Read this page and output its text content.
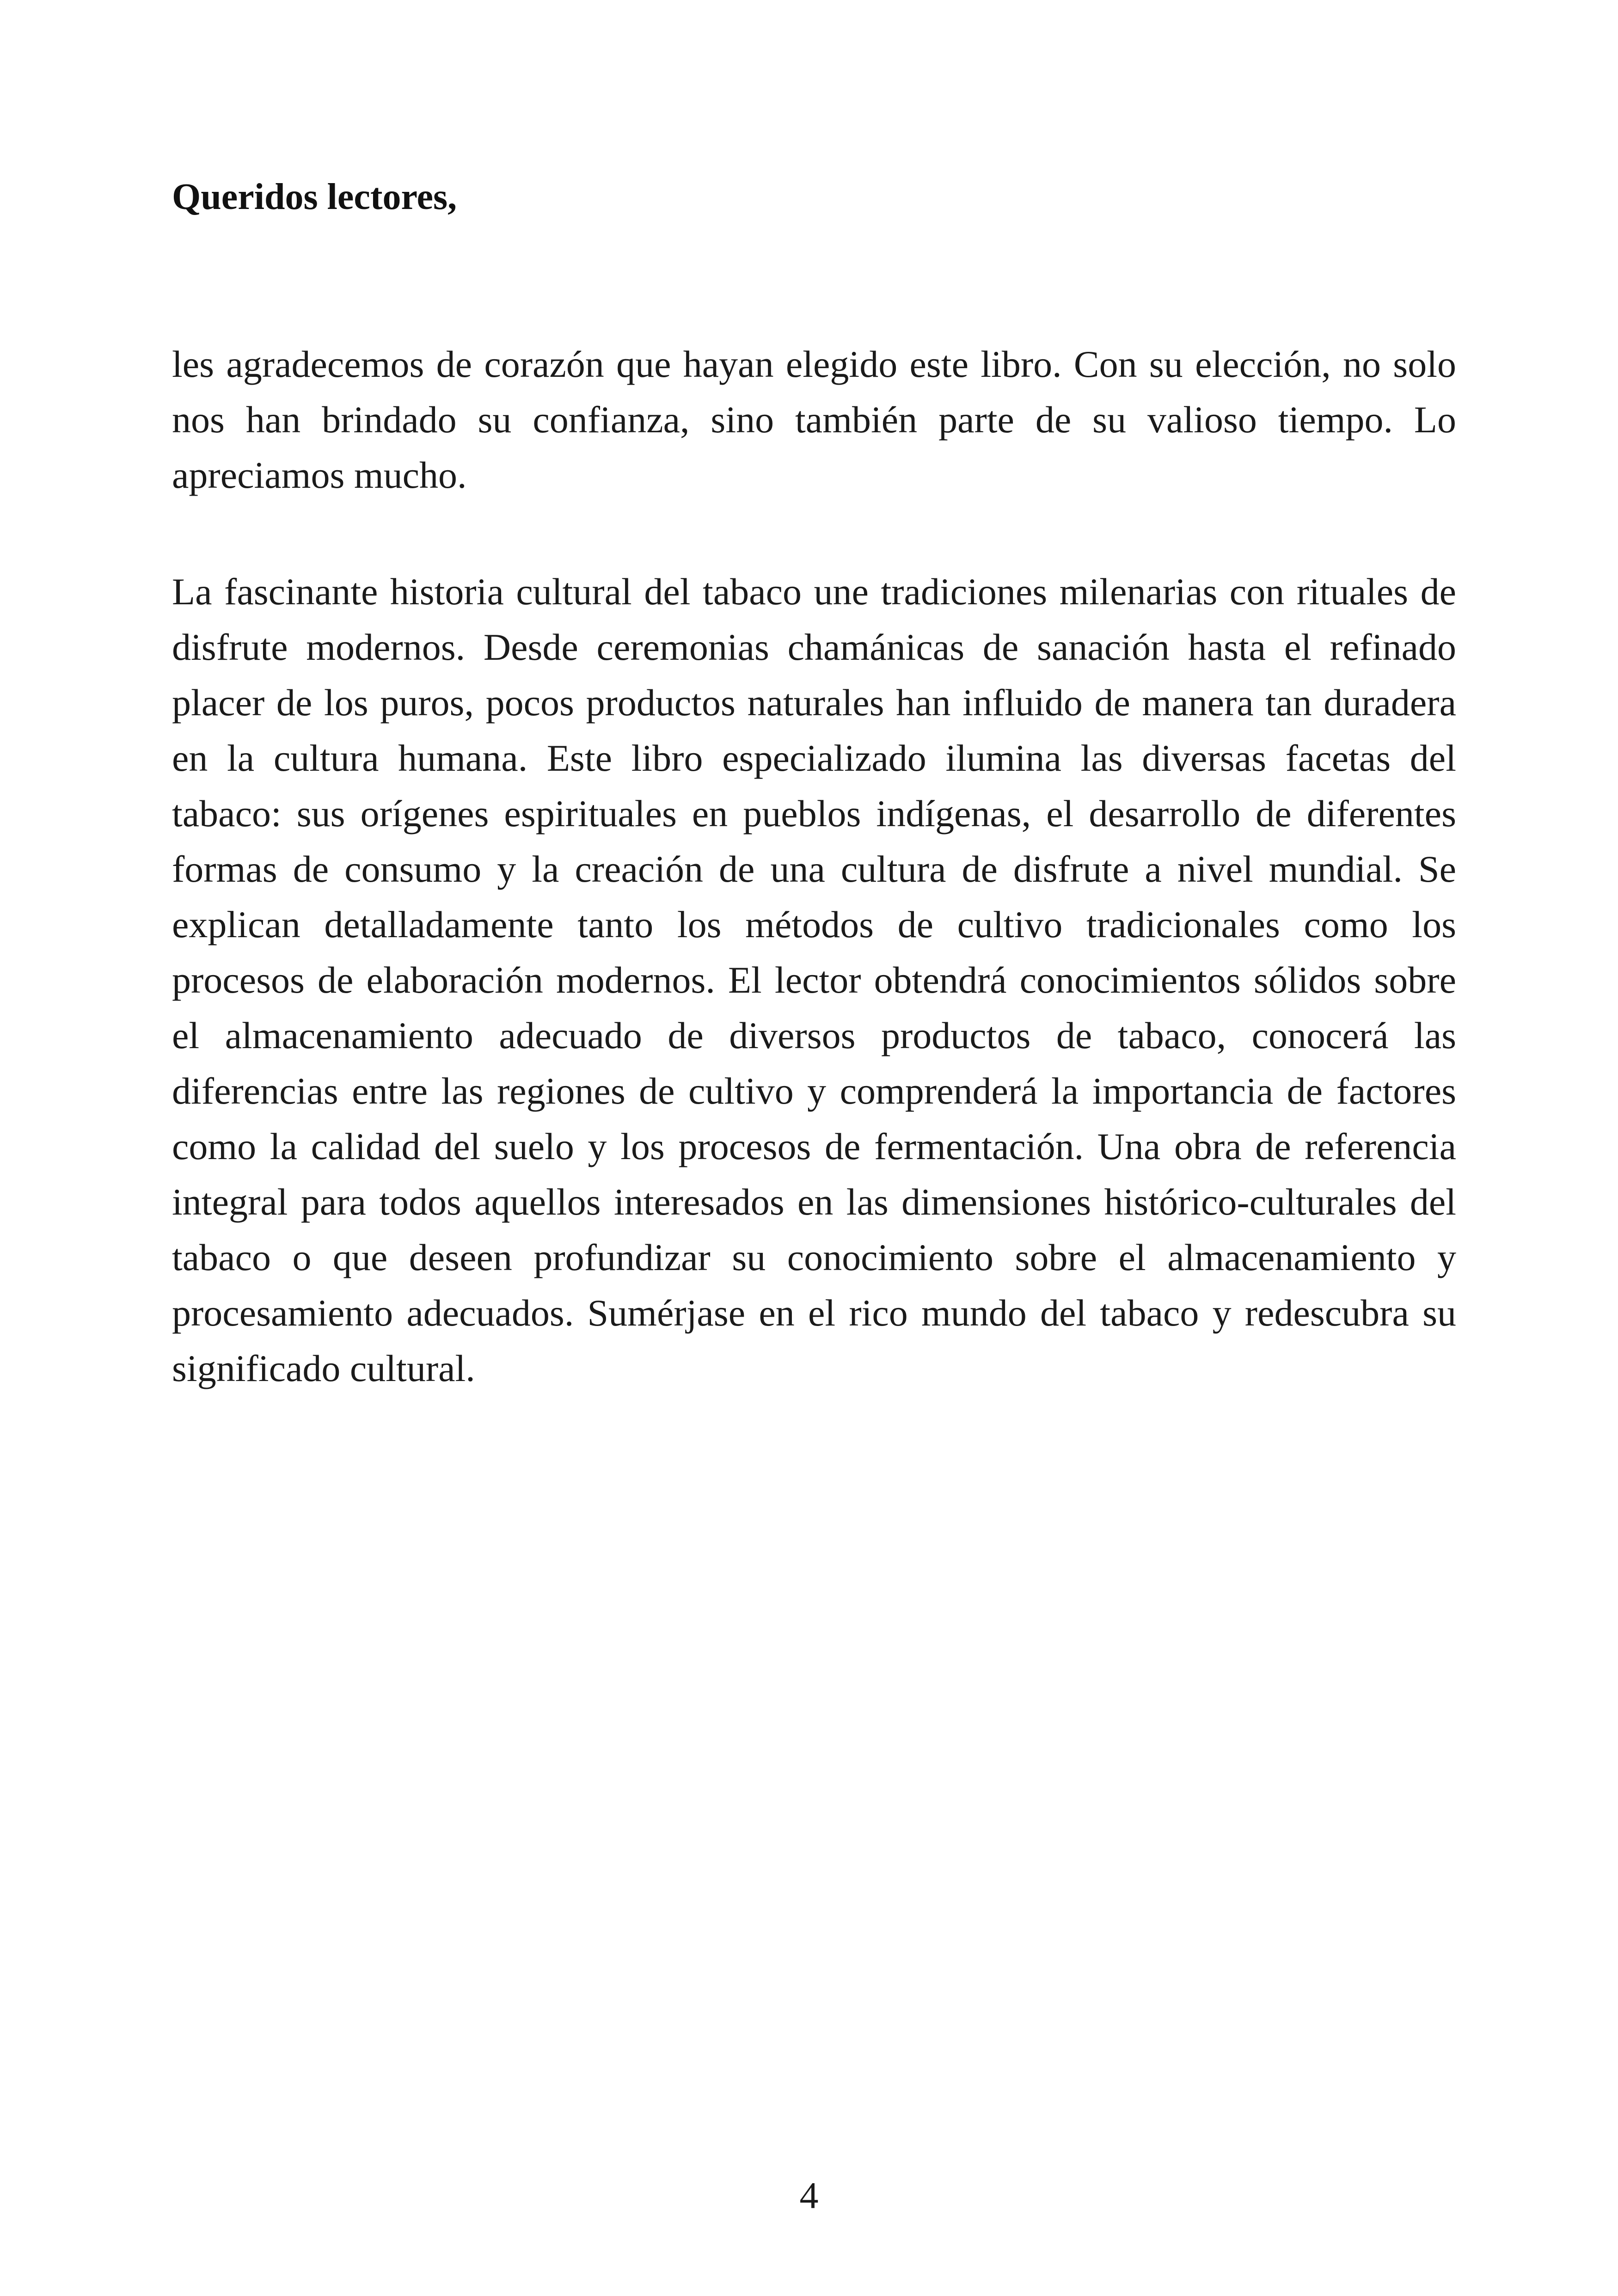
Queridos lectores,

les agradecemos de corazón que hayan elegido este libro. Con su elección, no solo nos han brindado su confianza, sino también parte de su valioso tiempo. Lo apreciamos mucho.

La fascinante historia cultural del tabaco une tradiciones milenarias con rituales de disfrute modernos. Desde ceremonias chamánicas de sanación hasta el refinado placer de los puros, pocos productos naturales han influido de manera tan duradera en la cultura humana. Este libro especializado ilumina las diversas facetas del tabaco: sus orígenes espirituales en pueblos indígenas, el desarrollo de diferentes formas de consumo y la creación de una cultura de disfrute a nivel mundial. Se explican detalladamente tanto los métodos de cultivo tradicionales como los procesos de elaboración modernos. El lector obtendrá conocimientos sólidos sobre el almacenamiento adecuado de diversos productos de tabaco, conocerá las diferencias entre las regiones de cultivo y comprenderá la importancia de factores como la calidad del suelo y los procesos de fermentación. Una obra de referencia integral para todos aquellos interesados en las dimensiones histórico-culturales del tabaco o que deseen profundizar su conocimiento sobre el almacenamiento y procesamiento adecuados. Sumérjase en el rico mundo del tabaco y redescubra su significado cultural.

4
